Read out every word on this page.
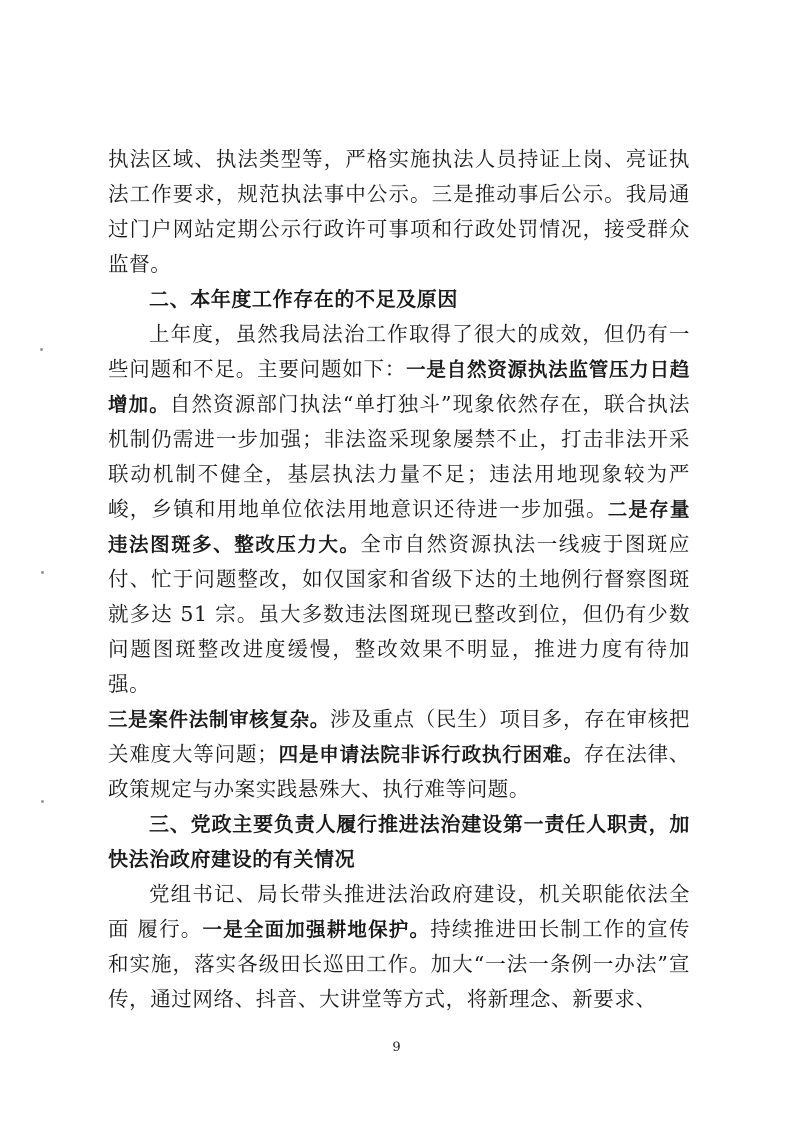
执法区域、执法类型等，严格实施执法人员持证上岗、亮证执法工作要求，规范执法事中公示。三是推动事后公示。我局通过门户网站定期公示行政许可事项和行政处罚情况，接受群众监督。

二、本年度工作存在的不足及原因

上年度，虽然我局法治工作取得了很大的成效，但仍有一些问题和不足。主要问题如下：一是自然资源执法监管压力日趋增加。自然资源部门执法“单打独斗”现象依然存在，联合执法机制仍需进一步加强；非法盗采现象屡禁不止，打击非法开采联动机制不健全，基层执法力量不足；违法用地现象较为严峻，乡镇和用地单位依法用地意识还待进一步加强。二是存量违法图斑多、整改压力大。全市自然资源执法一线疲于图斑应付、忙于问题整改，如仅国家和省级下达的土地例行督察图斑就多达 51 宗。虽大多数违法图斑现已整改到位，但仍有少数问题图斑整改进度缓慢，整改效果不明显，推进力度有待加强。
三是案件法制审核复杂。涉及重点（民生）项目多，存在审核把关难度大等问题；四是申请法院非诉行政执行困难。存在法律、政策规定与办案实践悬殊大、执行难等问题。

三、党政主要负责人履行推进法治建设第一责任人职责，加快法治政府建设的有关情况

党组书记、局长带头推进法治政府建设，机关职能依法全面 履行。一是全面加强耕地保护。持续推进田长制工作的宣传和实施，落实各级田长巡田工作。加大“一法一条例一办法”宣传，通过网络、抖音、大讲堂等方式，将新理念、新要求、

9
